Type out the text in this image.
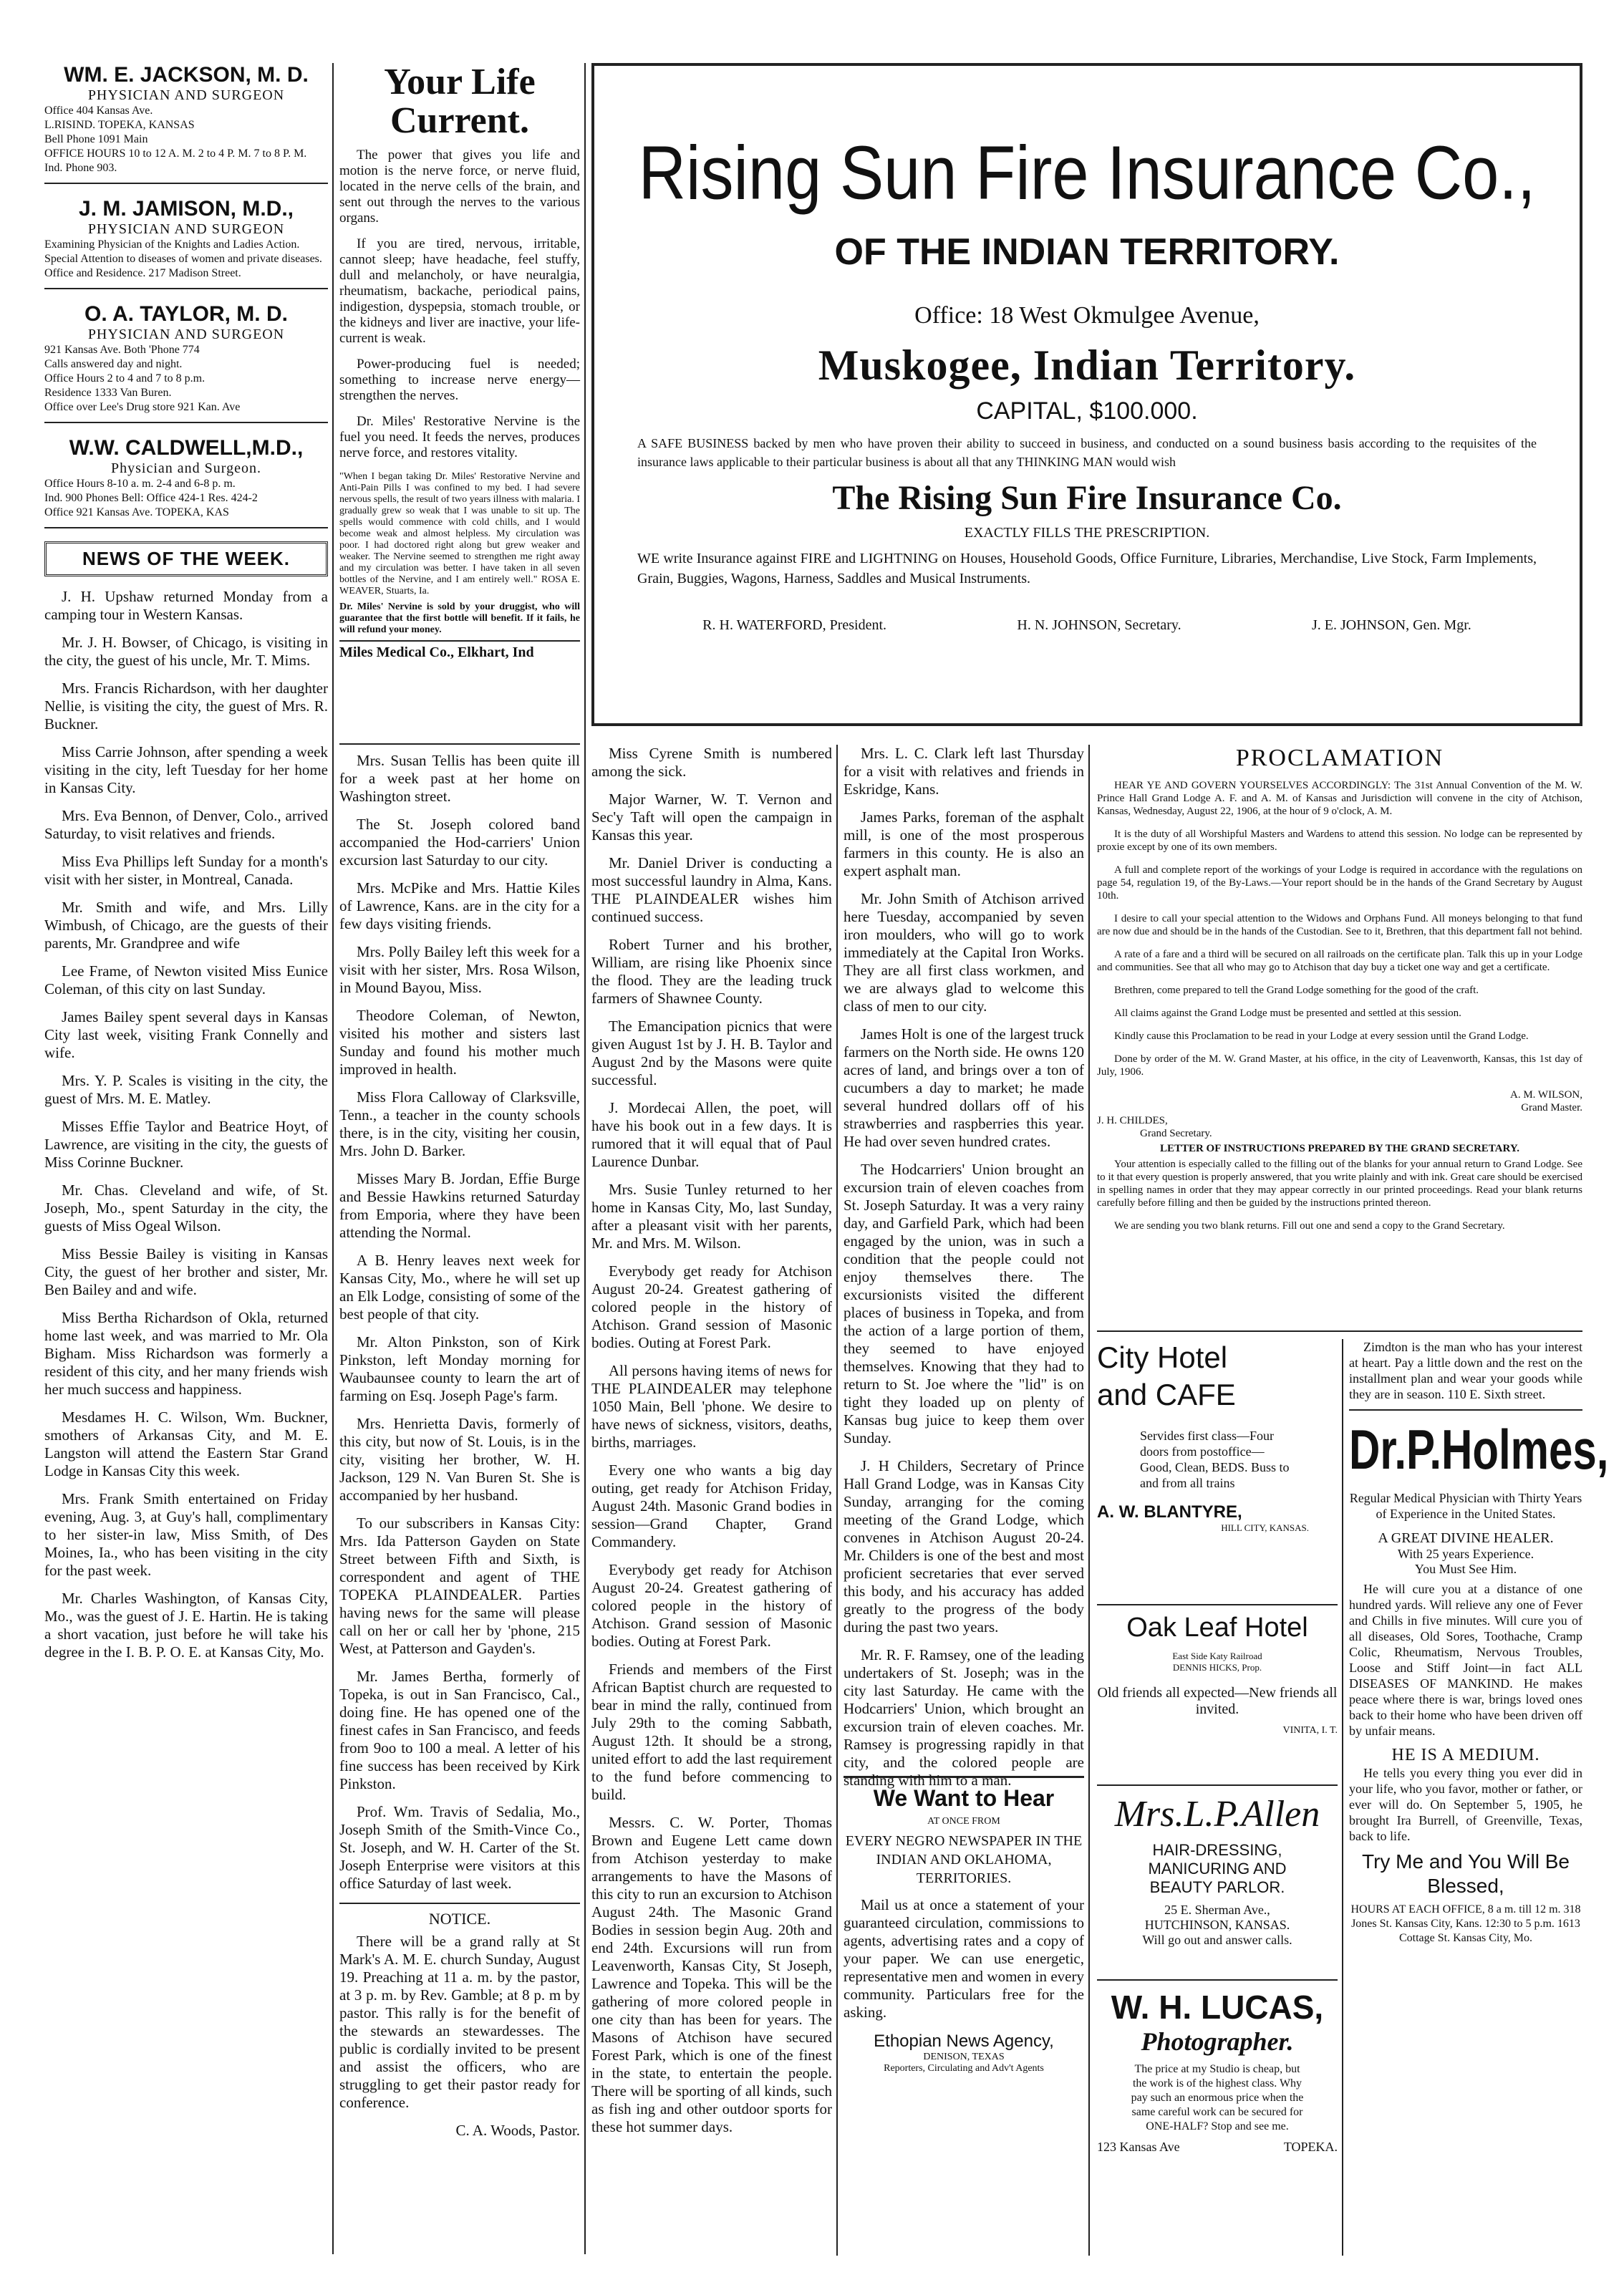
WM. E. JACKSON, M. D.
PHYSICIAN AND SURGEON
Office 404 Kansas Ave.
L.RISIND. TOPEKA, KANSAS
Bell Phone 1091 Main
OFFICE HOURS 10 to 12 A. M. 2 to 4 P. M. 7 to 8 P. M.
Ind. Phone 903.
J. M. JAMISON, M.D.,
PHYSICIAN AND SURGEON
Examining Physician of the Knights and Ladies Action.
Special Attention to diseases of women and private diseases.
Office and Residence. 217 Madison Street.
O. A. TAYLOR, M. D.
PHYSICIAN AND SURGEON
921 Kansas Ave. Both 'Phone 774
Calls answered day and night.
Office Hours 2 to 4 and 7 to 8 p.m.
Residence 1333 Van Buren.
Office over Lee's Drug store 921 Kan. Ave
W.W. CALDWELL,M.D.,
Physician and Surgeon.
Office Hours 8-10 a. m. 2-4 and 6-8 p. m.
Ind. 900 Phones Bell: Office 424-1 Res. 424-2
Office 921 Kansas Ave. TOPEKA, KAS
NEWS OF THE WEEK.

J. H. Upshaw returned Monday from a camping tour in Western Kansas.

Mr. J. H. Bowser, of Chicago, is visiting in the city, the guest of his uncle, Mr. T. Mims.

Mrs. Francis Richardson, with her daughter Nellie, is visiting the city, the guest of Mrs. R. Buckner.

Miss Carrie Johnson, after spending a week visiting in the city, left Tuesday for her home in Kansas City.

Mrs. Eva Bennon, of Denver, Colo., arrived Saturday, to visit relatives and friends.

Miss Eva Phillips left Sunday for a month's visit with her sister, in Montreal, Canada.

Mr. Smith and wife, and Mrs. Lilly Wimbush, of Chicago, are the guests of their parents, Mr. Grandpree and wife

Lee Frame, of Newton visited Miss Eunice Coleman, of this city on last Sunday.

James Bailey spent several days in Kansas City last week, visiting Frank Connelly and wife.

Mrs. Y. P. Scales is visiting in the city, the guest of Mrs. M. E. Matley.

Misses Effie Taylor and Beatrice Hoyt, of Lawrence, are visiting in the city, the guests of Miss Corinne Buckner.

Mr. Chas. Cleveland and wife, of St. Joseph, Mo., spent Saturday in the city, the guests of Miss Ogeal Wilson.

Miss Bessie Bailey is visiting in Kansas City, the guest of her brother and sister, Mr. Ben Bailey and and wife.

Miss Bertha Richardson of Okla, returned home last week, and was married to Mr. Ola Bigham. Miss Richardson was formerly a resident of this city, and her many friends wish her much success and happiness.

Mesdames H. C. Wilson, Wm. Buckner, smothers of Arkansas City, and M. E. Langston will attend the Eastern Star Grand Lodge in Kansas City this week.

Mrs. Frank Smith entertained on Friday evening, Aug. 3, at Guy's hall, complimentary to her sister-in law, Miss Smith, of Des Moines, Ia., who has been visiting in the city for the past week.

Mr. Charles Washington, of Kansas City, Mo., was the guest of J. E. Hartin. He is taking a short vacation, just before he will take his degree in the I. B. P. O. E. at Kansas City, Mo.

Your Life Current.

The power that gives you life and motion is the nerve force, or nerve fluid, located in the nerve cells of the brain, and sent out through the nerves to the various organs.

If you are tired, nervous, irritable, cannot sleep; have headache, feel stuffy, dull and melancholy, or have neuralgia, rheumatism, backache, periodical pains, indigestion, dyspepsia, stomach trouble, or the kidneys and liver are inactive, your life-current is weak.

Power-producing fuel is needed; something to increase nerve energy—strengthen the nerves.

Dr. Miles' Restorative Nervine is the fuel you need. It feeds the nerves, produces nerve force, and restores vitality.

"When I began taking Dr. Miles' Restorative Nervine and Anti-Pain Pills I was confined to my bed. I had severe nervous spells, the result of two years illness with malaria. I gradually grew so weak that I was unable to sit up. The spells would commence with cold chills, and I would become weak and almost helpless. My circulation was poor. I had doctored right along but grew weaker and weaker. The Nervine seemed to strengthen me right away and my circulation was better. I have taken in all seven bottles of the Nervine, and I am entirely well." ROSA E. WEAVER, Stuarts, Ia.
Dr. Miles' Nervine is sold by your druggist, who will guarantee that the first bottle will benefit. If it fails, he will refund your money.
Miles Medical Co., Elkhart, Ind

Mrs. Susan Tellis has been quite ill for a week past at her home on Washington street.

The St. Joseph colored band accompanied the Hod-carriers' Union excursion last Saturday to our city.

Mrs. McPike and Mrs. Hattie Kiles of Lawrence, Kans. are in the city for a few days visiting friends.

Mrs. Polly Bailey left this week for a visit with her sister, Mrs. Rosa Wilson, in Mound Bayou, Miss.

Theodore Coleman, of Newton, visited his mother and sisters last Sunday and found his mother much improved in health.

Miss Flora Calloway of Clarksville, Tenn., a teacher in the county schools there, is in the city, visiting her cousin, Mrs. John D. Barker.

Misses Mary B. Jordan, Effie Burge and Bessie Hawkins returned Saturday from Emporia, where they have been attending the Normal.

A B. Henry leaves next week for Kansas City, Mo., where he will set up an Elk Lodge, consisting of some of the best people of that city.

Mr. Alton Pinkston, son of Kirk Pinkston, left Monday morning for Waubaunsee county to learn the art of farming on Esq. Joseph Page's farm.

Mrs. Henrietta Davis, formerly of this city, but now of St. Louis, is in the city, visiting her brother, W. H. Jackson, 129 N. Van Buren St. She is accompanied by her husband.

To our subscribers in Kansas City: Mrs. Ida Patterson Gayden on State Street between Fifth and Sixth, is correspondent and agent of THE TOPEKA PLAINDEALER. Parties having news for the same will please call on her or call her by 'phone, 215 West, at Patterson and Gayden's.

Mr. James Bertha, formerly of Topeka, is out in San Francisco, Cal., doing fine. He has opened one of the finest cafes in San Francisco, and feeds from 9oo to 100 a meal. A letter of his fine success has been received by Kirk Pinkston.

Prof. Wm. Travis of Sedalia, Mo., Joseph Smith of the Smith-Vince Co., St. Joseph, and W. H. Carter of the St. Joseph Enterprise were visitors at this office Saturday of last week.

NOTICE.

There will be a grand rally at St Mark's A. M. E. church Sunday, August 19. Preaching at 11 a. m. by the pastor, at 3 p. m. by Rev. Gamble; at 8 p. m by pastor. This rally is for the benefit of the stewards an stewardesses. The public is cordially invited to be present and assist the officers, who are struggling to get their pastor ready for conference.

C. A. Woods, Pastor.
Rising Sun Fire Insurance Co.,
OF THE INDIAN TERRITORY.
Office: 18 West Okmulgee Avenue,
Muskogee, Indian Territory.
CAPITAL, $100.000.
A SAFE BUSINESS backed by men who have proven their ability to succeed in business, and conducted on a sound business basis according to the requisites of the insurance laws applicable to their particular business is about all that any THINKING MAN would wish
The Rising Sun Fire Insurance Co.
EXACTLY FILLS THE PRESCRIPTION.
WE write Insurance against FIRE and LIGHTNING on Houses, Household Goods, Office Furniture, Libraries, Merchandise, Live Stock, Farm Implements, Grain, Buggies, Wagons, Harness, Saddles and Musical Instruments.
R. H. WATERFORD, President.	H. N. JOHNSON, Secretary.	J. E. JOHNSON, Gen. Mgr.

Miss Cyrene Smith is numbered among the sick.

Major Warner, W. T. Vernon and Sec'y Taft will open the campaign in Kansas this year.

Mr. Daniel Driver is conducting a most successful laundry in Alma, Kans. THE PLAINDEALER wishes him continued success.

Robert Turner and his brother, William, are rising like Phoenix since the flood. They are the leading truck farmers of Shawnee County.

The Emancipation picnics that were given August 1st by J. H. B. Taylor and August 2nd by the Masons were quite successful.

J. Mordecai Allen, the poet, will have his book out in a few days. It is rumored that it will equal that of Paul Laurence Dunbar.

Mrs. Susie Tunley returned to her home in Kansas City, Mo, last Sunday, after a pleasant visit with her parents, Mr. and Mrs. M. Wilson.

Everybody get ready for Atchison August 20-24. Greatest gathering of colored people in the history of Atchison. Grand session of Masonic bodies. Outing at Forest Park.

All persons having items of news for THE PLAINDEALER may telephone 1050 Main, Bell 'phone. We desire to have news of sickness, visitors, deaths, births, marriages.

Every one who wants a big day outing, get ready for Atchison Friday, August 24th. Masonic Grand bodies in session—Grand Chapter, Grand Commandery.

Everybody get ready for Atchison August 20-24. Greatest gathering of colored people in the history of Atchison. Grand session of Masonic bodies. Outing at Forest Park.

Friends and members of the First African Baptist church are requested to bear in mind the rally, continued from July 29th to the coming Sabbath, August 12th. It should be a strong, united effort to add the last requirement to the fund before commencing to build.

Messrs. C. W. Porter, Thomas Brown and Eugene Lett came down from Atchison yesterday to make arrangements to have the Masons of this city to run an excursion to Atchison August 24th. The Masonic Grand Bodies in session begin Aug. 20th and end 24th. Excursions will run from Leavenworth, Kansas City, St Joseph, Lawrence and Topeka. This will be the gathering of more colored people in one city than has been for years. The Masons of Atchison have secured Forest Park, which is one of the finest in the state, to entertain the people. There will be sporting of all kinds, such as fish ing and other outdoor sports for these hot summer days.

Mrs. L. C. Clark left last Thursday for a visit with relatives and friends in Eskridge, Kans.

James Parks, foreman of the asphalt mill, is one of the most prosperous farmers in this county. He is also an expert asphalt man.

Mr. John Smith of Atchison arrived here Tuesday, accompanied by seven iron moulders, who will go to work immediately at the Capital Iron Works. They are all first class workmen, and we are always glad to welcome this class of men to our city.

James Holt is one of the largest truck farmers on the North side. He owns 120 acres of land, and brings over a ton of cucumbers a day to market; he made several hundred dollars off of his strawberries and raspberries this year. He had over seven hundred crates.

The Hodcarriers' Union brought an excursion train of eleven coaches from St. Joseph Saturday. It was a very rainy day, and Garfield Park, which had been engaged by the union, was in such a condition that the people could not enjoy themselves there. The excursionists visited the different places of business in Topeka, and from the action of a large portion of them, they seemed to have enjoyed themselves. Knowing that they had to return to St. Joe where the "lid" is on tight they loaded up on plenty of Kansas bug juice to keep them over Sunday.

J. H Childers, Secretary of Prince Hall Grand Lodge, was in Kansas City Sunday, arranging for the coming meeting of the Grand Lodge, which convenes in Atchison August 20-24. Mr. Childers is one of the best and most proficient secretaries that ever served this body, and his accuracy has added greatly to the progress of the body during the past two years.

Mr. R. F. Ramsey, one of the leading undertakers of St. Joseph; was in the city last Saturday. He came with the Hodcarriers' Union, which brought an excursion train of eleven coaches. Mr. Ramsey is progressing rapidly in that city, and the colored people are standing with him to a man.

We Want to Hear
AT ONCE FROM
EVERY NEGRO NEWSPAPER IN THE INDIAN AND OKLAHOMA, TERRITORIES.

Mail us at once a statement of your guaranteed circulation, commissions to agents, advertising rates and a copy of your paper. We can use energetic, representative men and women in every community. Particulars free for the asking.

Ethopian News Agency,
DENISON, TEXAS
Reporters, Circulating and Adv't Agents
PROCLAMATION

HEAR YE AND GOVERN YOURSELVES ACCORDINGLY: The 31st Annual Convention of the M. W. Prince Hall Grand Lodge A. F. and A. M. of Kansas and Jurisdiction will convene in the city of Atchison, Kansas, Wednesday, August 22, 1906, at the hour of 9 o'clock, A. M.

It is the duty of all Worshipful Masters and Wardens to attend this session. No lodge can be represented by proxie except by one of its own members.

A full and complete report of the workings of your Lodge is required in accordance with the regulations on page 54, regulation 19, of the By-Laws.—Your report should be in the hands of the Grand Secretary by August 10th.

I desire to call your special attention to the Widows and Orphans Fund. All moneys belonging to that fund are now due and should be in the hands of the Custodian. See to it, Brethren, that this department fall not behind.

A rate of a fare and a third will be secured on all railroads on the certificate plan. Talk this up in your Lodge and communities. See that all who may go to Atchison that day buy a ticket one way and get a certificate.

Brethren, come prepared to tell the Grand Lodge something for the good of the craft.

All claims against the Grand Lodge must be presented and settled at this session.

Kindly cause this Proclamation to be read in your Lodge at every session until the Grand Lodge.

Done by order of the M. W. Grand Master, at his office, in the city of Leavenworth, Kansas, this 1st day of July, 1906.

A. M. WILSON,
Grand Master.
J. H. CHILDES,
Grand Secretary.
LETTER OF INSTRUCTIONS PREPARED BY THE GRAND SECRETARY.

Your attention is especially called to the filling out of the blanks for your annual return to Grand Lodge. See to it that every question is properly answered, that you write plainly and with ink. Great care should be exercised in spelling names in order that they may appear correctly in our printed proceedings. Read your blank returns carefully before filling and then be guided by the instructions printed thereon.

We are sending you two blank returns. Fill out one and send a copy to the Grand Secretary.

City Hotel and CAFE
Servides first class—Four doors from postoffice—Good, Clean, BEDS. Buss to and from all trains
A. W. BLANTYRE,
HILL CITY, KANSAS.
Oak Leaf Hotel
East Side Katy Railroad
DENNIS HICKS, Prop.
Old friends all expected—New friends all invited.
VINITA, I. T.
Mrs.L.P.Allen
HAIR-DRESSING, MANICURING AND BEAUTY PARLOR.
25 E. Sherman Ave.,
HUTCHINSON, KANSAS.
Will go out and answer calls.
W. H. LUCAS,
Photographer.
The price at my Studio is cheap, but the work is of the highest class. Why pay such an enormous price when the same careful work can be secured for ONE-HALF? Stop and see me.
123 Kansas Ave	TOPEKA.
Zimdton is the man who has your interest at heart. Pay a little down and the rest on the installment plan and wear your goods while they are in season. 110 E. Sixth street.
Dr.P.Holmes,
Regular Medical Physician with Thirty Years of Experience in the United States.
A GREAT DIVINE HEALER.
With 25 years Experience.
You Must See Him.
He will cure you at a distance of one hundred yards. Will relieve any one of Fever and Chills in five minutes. Will cure you of all diseases, Old Sores, Toothache, Cramp Colic, Rheumatism, Nervous Troubles, Loose and Stiff Joint—in fact ALL DISEASES OF MANKIND. He makes peace where there is war, brings loved ones back to their home who have been driven off by unfair means.
HE IS A MEDIUM.
He tells you every thing you ever did in your life, who you favor, mother or father, or ever will do. On September 5, 1905, he brought Ira Burrell, of Greenville, Texas, back to life.
Try Me and You Will Be Blessed,
HOURS AT EACH OFFICE, 8 a m. till 12 m. 318 Jones St. Kansas City, Kans. 12:30 to 5 p.m. 1613 Cottage St. Kansas City, Mo.
